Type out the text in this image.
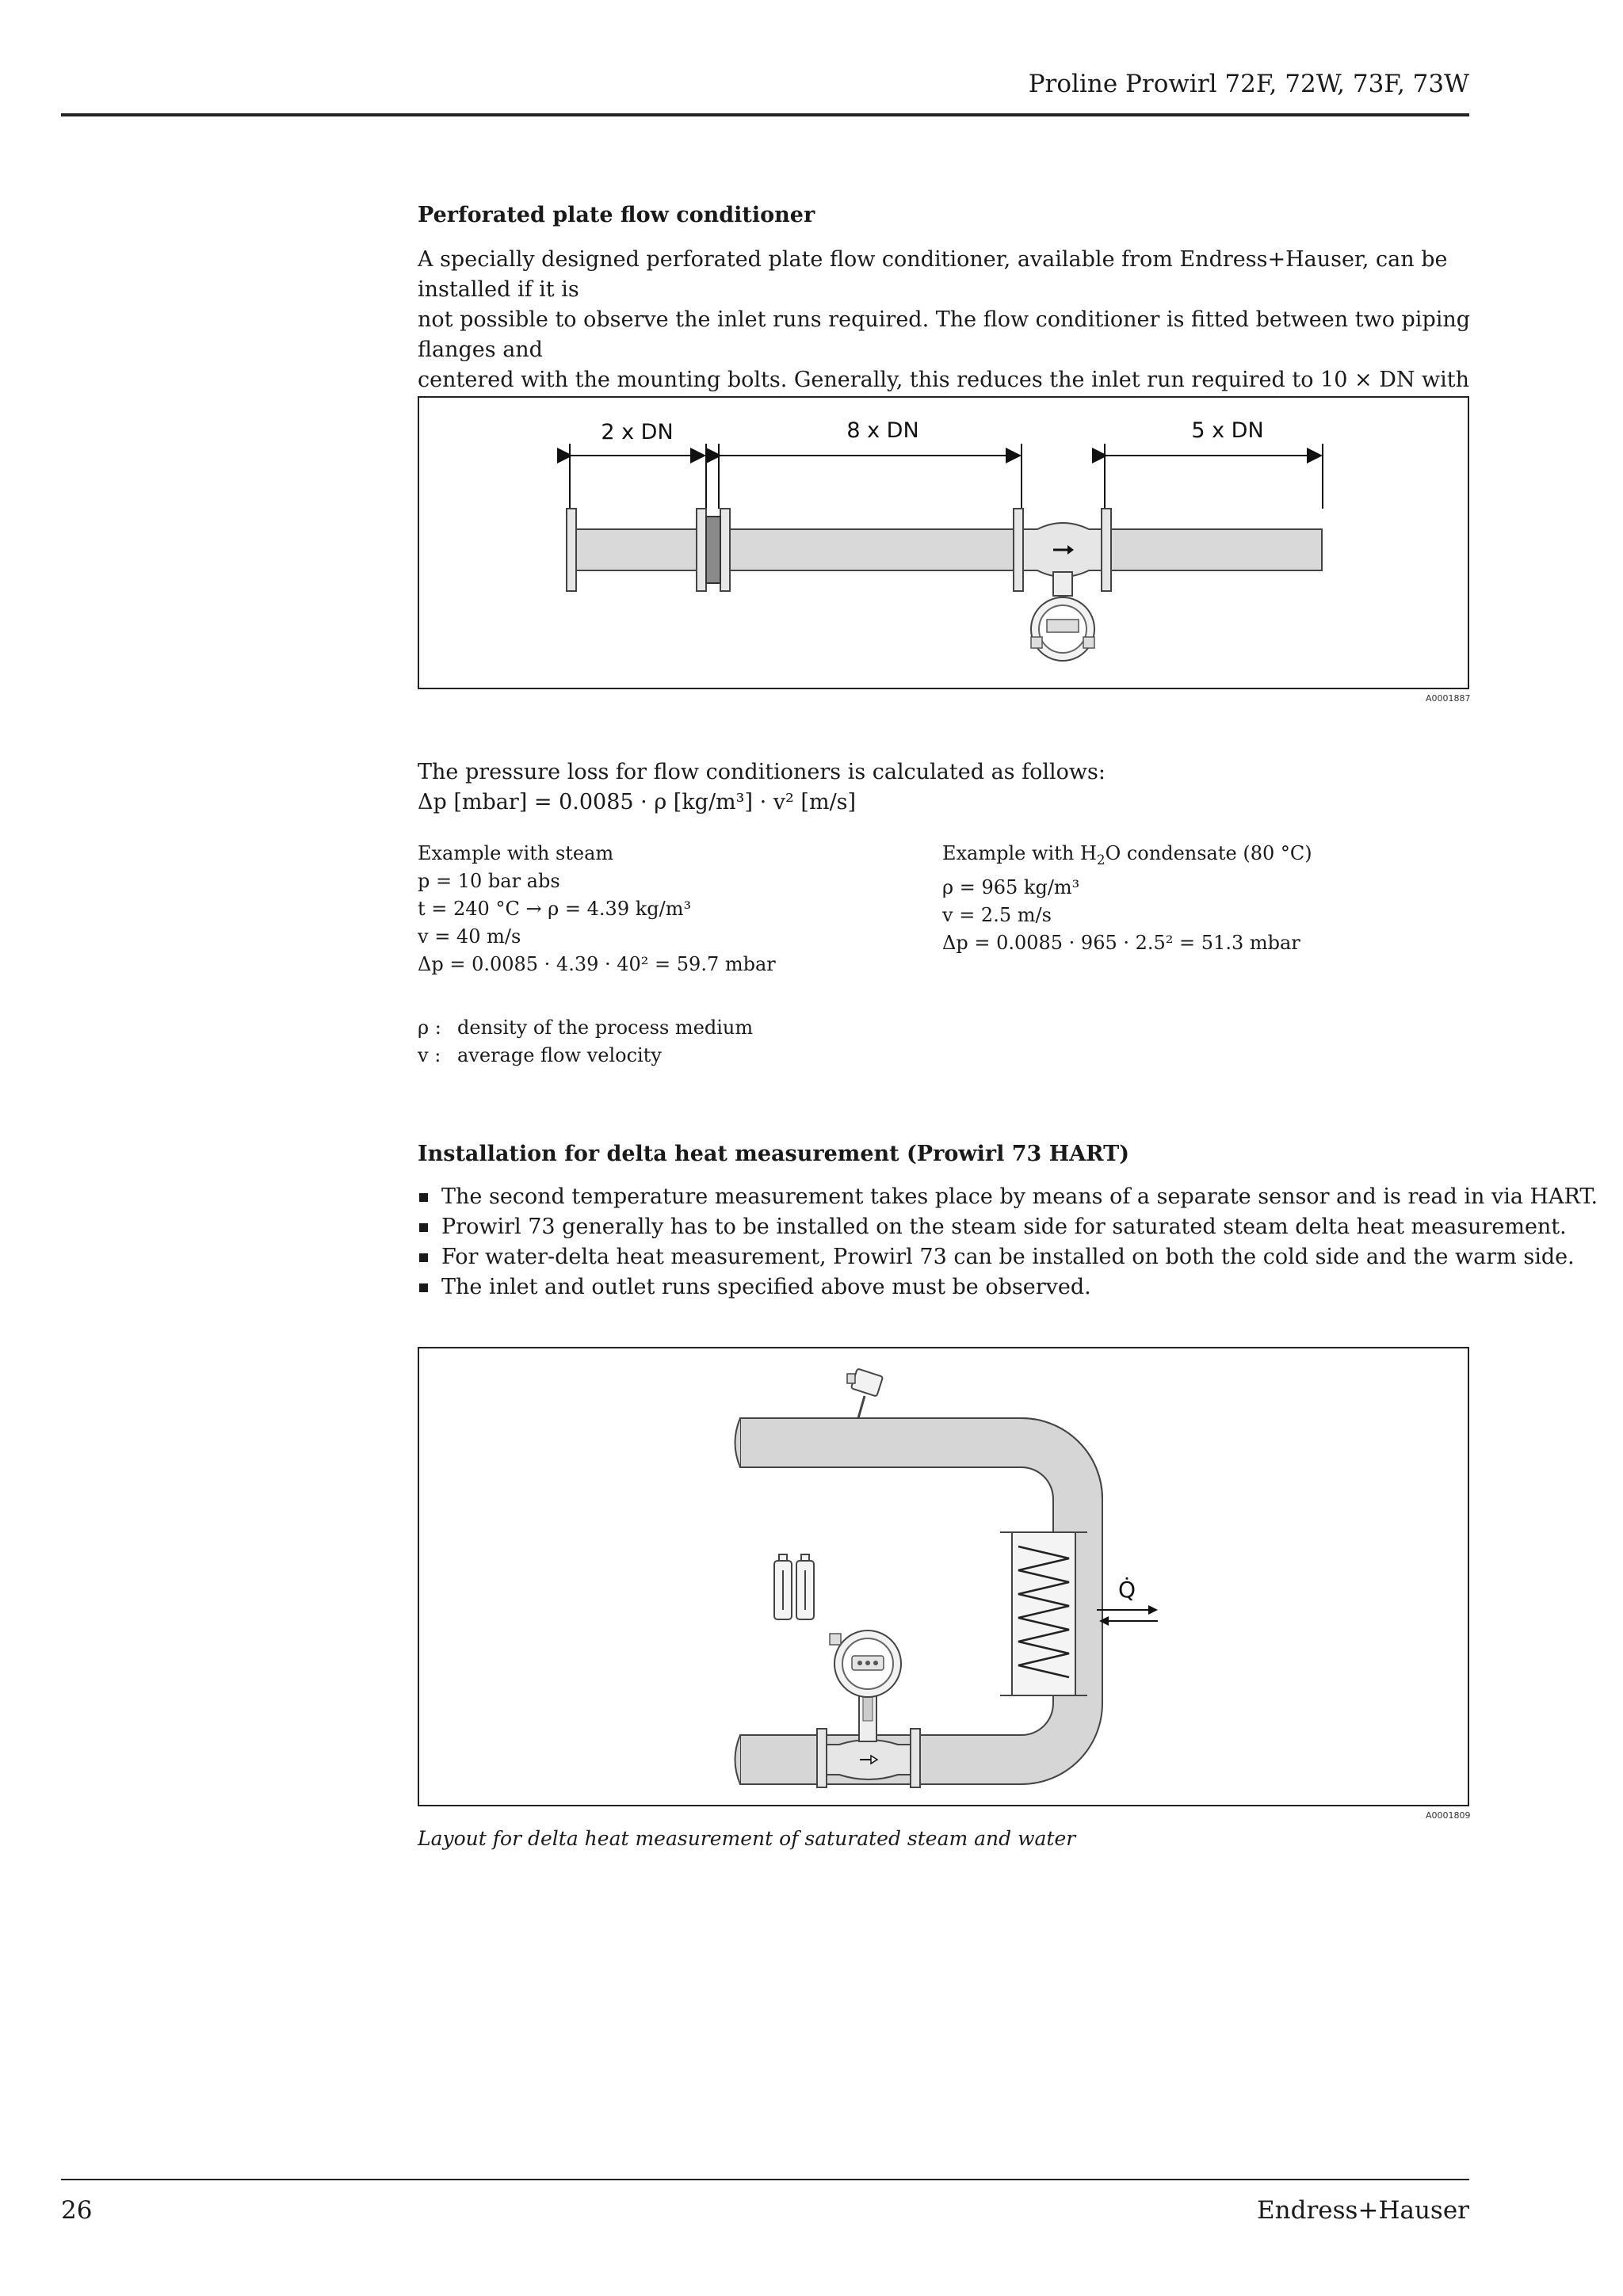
Proline Prowirl 72F, 72W, 73F, 73W
Perforated plate flow conditioner
A specially designed perforated plate flow conditioner, available from Endress+Hauser, can be installed if it is
not possible to observe the inlet runs required. The flow conditioner is fitted between two piping flanges and
centered with the mounting bolts. Generally, this reduces the inlet run required to 10 × DN with
2 x DN	8 x DN	5 x DN
A0001887
The pressure loss for flow conditioners is calculated as follows:
Δp [mbar] = 0.0085 · ρ [kg/m³] · v² [m/s]
Example with steam
p = 10 bar abs
t = 240 °C → ρ = 4.39 kg/m³
v = 40 m/s
Δp = 0.0085 · 4.39 · 40² = 59.7 mbar
Example with $H_2O$ condensate (80 °C)
ρ = 965 kg/m³
v = 2.5 m/s
Δp = 0.0085 · 965 · 2.5² = 51.3 mbar
ρ : density of the process medium
v : average flow velocity
Installation for delta heat measurement (Prowirl 73 HART)
The second temperature measurement takes place by means of a separate sensor and is read in via HART.
Prowirl 73 generally has to be installed on the steam side for saturated steam delta heat measurement.
For water-delta heat measurement, Prowirl 73 can be installed on both the cold side and the warm side.
The inlet and outlet runs specified above must be observed.
Q̇
A0001809
Layout for delta heat measurement of saturated steam and water
26	Endress+Hauser
